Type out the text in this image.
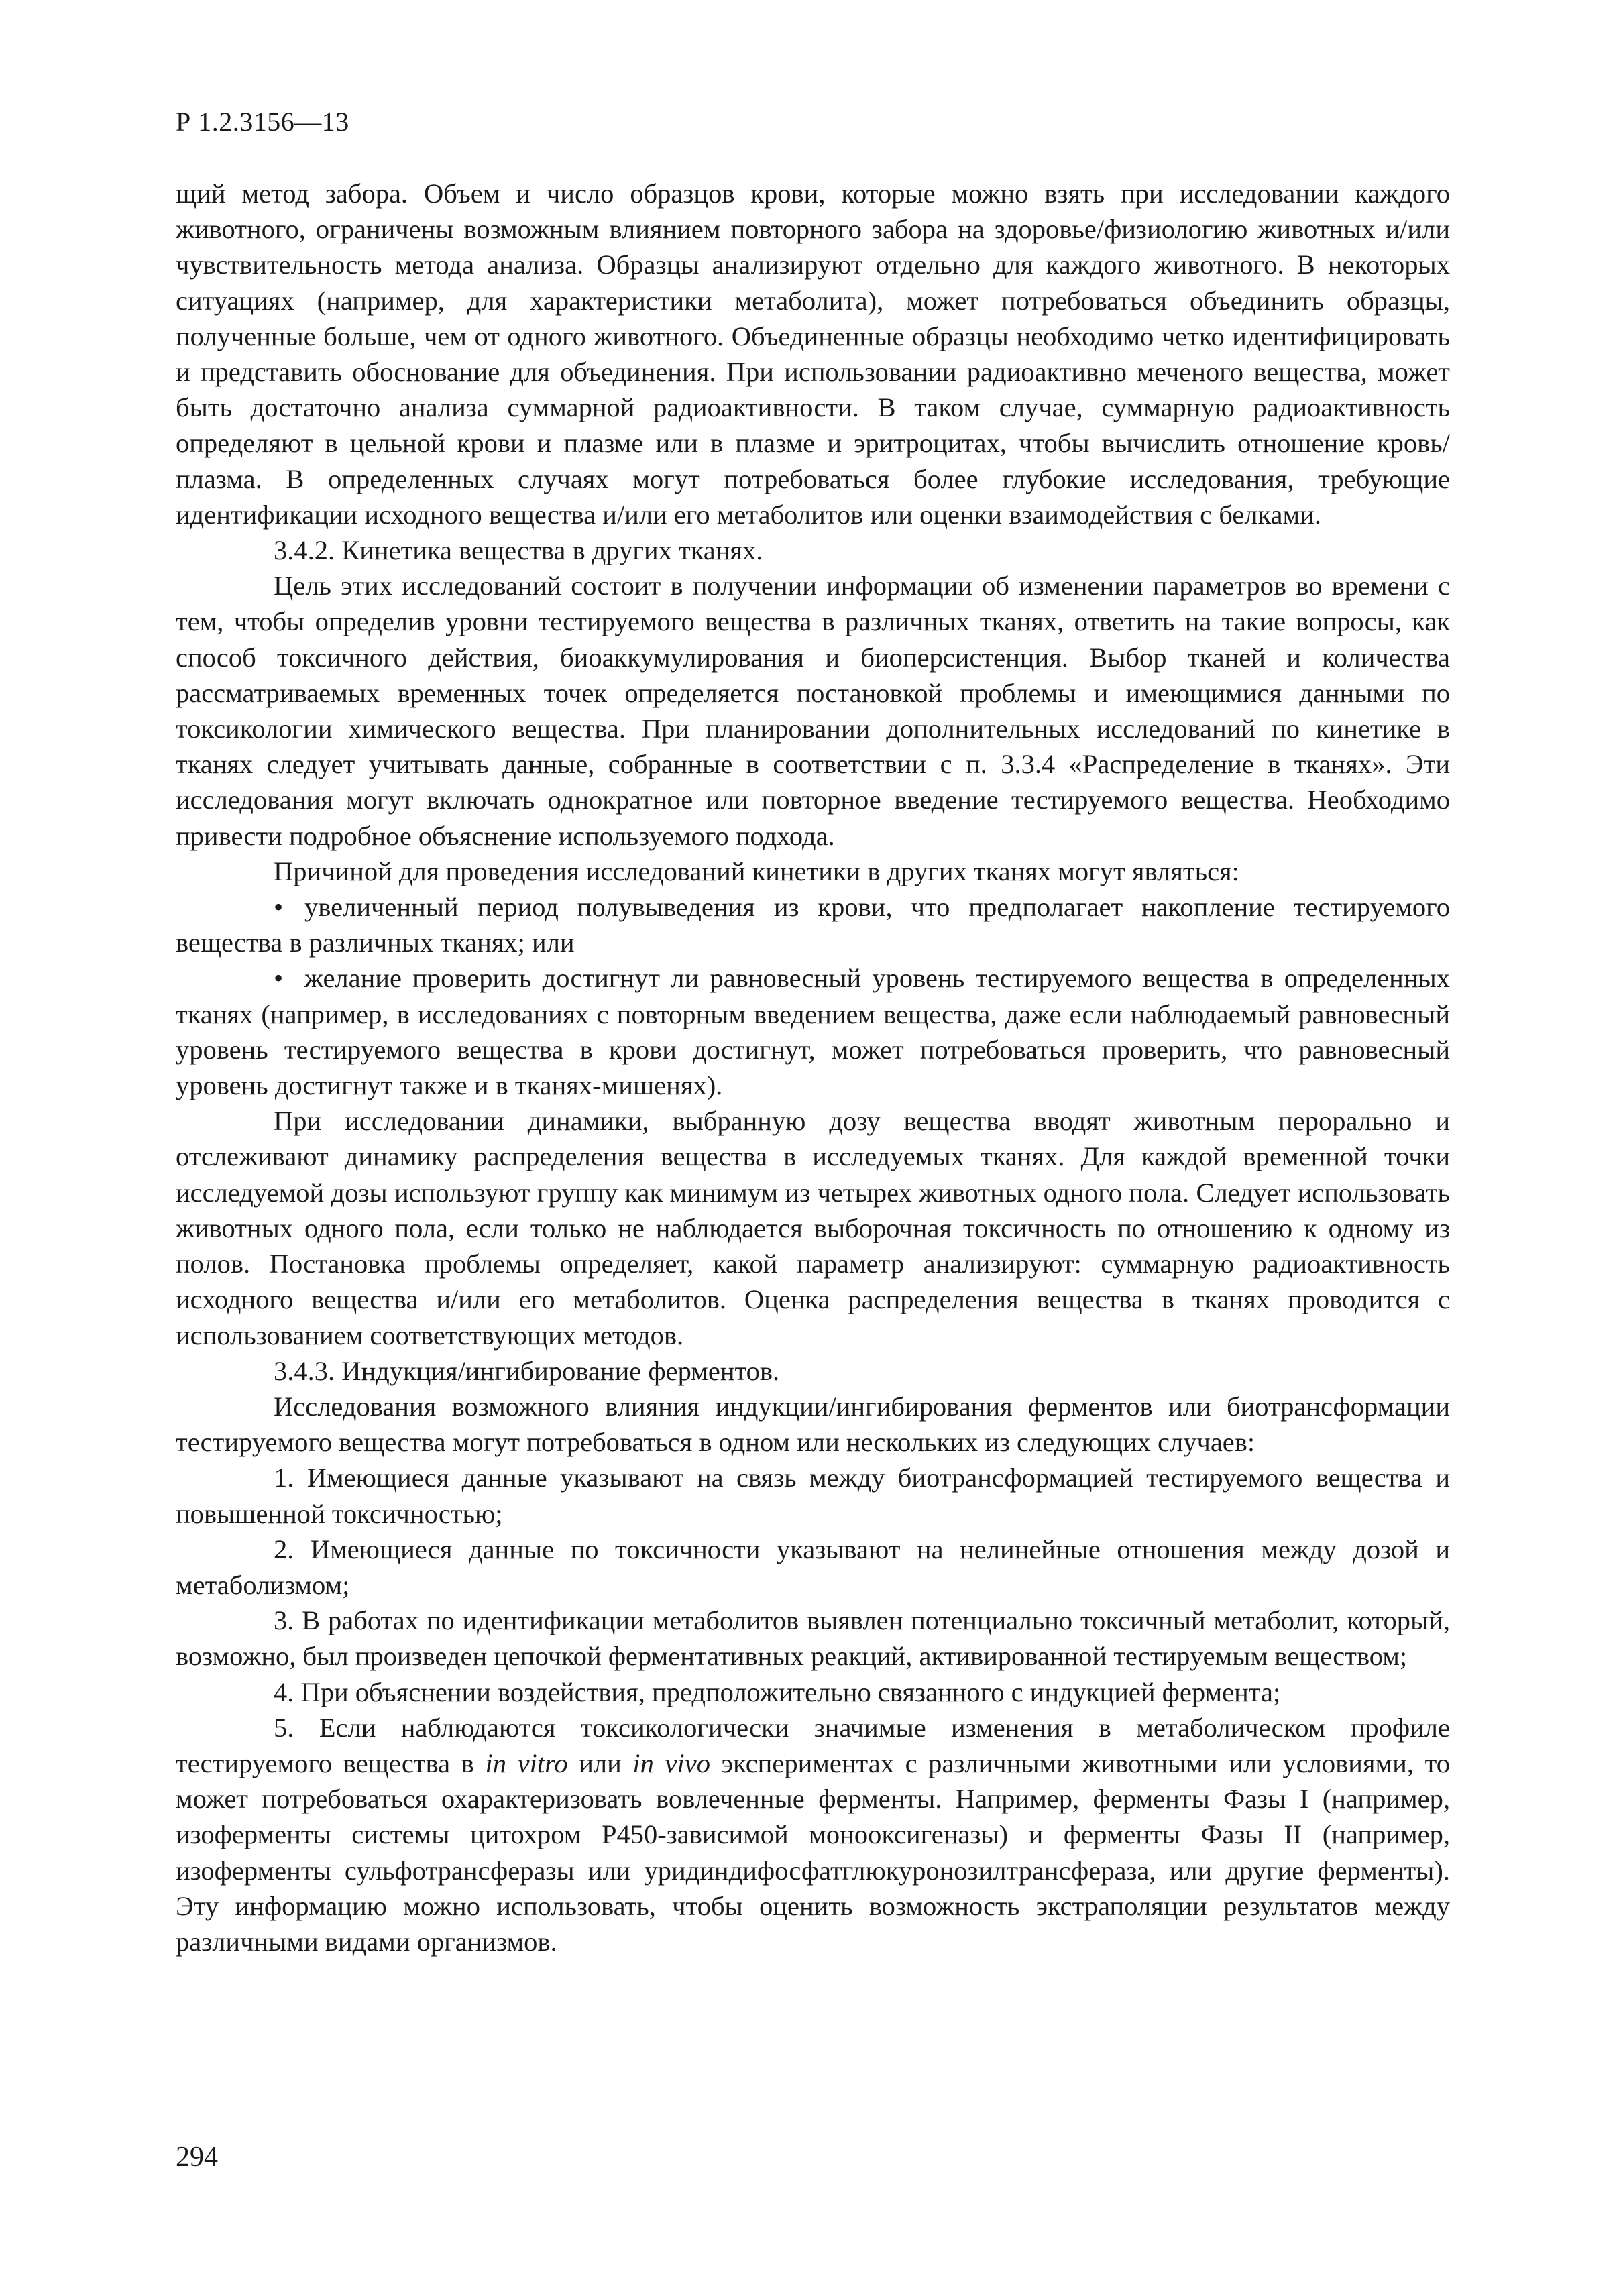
Р 1.2.3156—13

щий метод забора. Объем и число образцов крови, которые можно взять при исследовании каждого животного, ограничены возможным влиянием повторного забора на здоровье/физиологию животных и/или чувствительность метода анализа. Образцы анализируют отдельно для каждого животного. В некоторых ситуациях (например, для характеристики метаболита), может потребоваться объединить образцы, полученные больше, чем от одного животного. Объединенные образцы необходимо четко идентифицировать и представить обоснование для объединения. При использовании радиоактивно меченого вещества, может быть достаточно анализа суммарной радиоактивности. В таком случае, суммарную радиоактивность определяют в цельной крови и плазме или в плазме и эритроцитах, чтобы вычислить отношение кровь/плазма. В определенных случаях могут потребоваться более глубокие исследования, требующие идентификации исходного вещества и/или его метаболитов или оценки взаимодействия с белками.

3.4.2. Кинетика вещества в других тканях.

Цель этих исследований состоит в получении информации об изменении параметров во времени с тем, чтобы определив уровни тестируемого вещества в различных тканях, ответить на такие вопросы, как способ токсичного действия, биоаккумулирования и биоперсистенция. Выбор тканей и количества рассматриваемых временных точек определяется постановкой проблемы и имеющимися данными по токсикологии химического вещества. При планировании дополнительных исследований по кинетике в тканях следует учитывать данные, собранные в соответствии с п. 3.3.4 «Распределение в тканях». Эти исследования могут включать однократное или повторное введение тестируемого вещества. Необходимо привести подробное объяснение используемого подхода.

Причиной для проведения исследований кинетики в других тканях могут являться:

• увеличенный период полувыведения из крови, что предполагает накопление тестируемого вещества в различных тканях; или

• желание проверить достигнут ли равновесный уровень тестируемого вещества в определенных тканях (например, в исследованиях с повторным введением вещества, даже если наблюдаемый равновесный уровень тестируемого вещества в крови достигнут, может потребоваться проверить, что равновесный уровень достигнут также и в тканях-мишенях).

При исследовании динамики, выбранную дозу вещества вводят животным перорально и отслеживают динамику распределения вещества в исследуемых тканях. Для каждой временной точки исследуемой дозы используют группу как минимум из четырех животных одного пола. Следует использовать животных одного пола, если только не наблюдается выборочная токсичность по отношению к одному из полов. Постановка проблемы определяет, какой параметр анализируют: суммарную радиоактивность исходного вещества и/или его метаболитов. Оценка распределения вещества в тканях проводится с использованием соответствующих методов.

3.4.3. Индукция/ингибирование ферментов.

Исследования возможного влияния индукции/ингибирования ферментов или биотрансформации тестируемого вещества могут потребоваться в одном или нескольких из следующих случаев:

1. Имеющиеся данные указывают на связь между биотрансформацией тестируемого вещества и повышенной токсичностью;

2. Имеющиеся данные по токсичности указывают на нелинейные отношения между дозой и метаболизмом;

3. В работах по идентификации метаболитов выявлен потенциально токсичный метаболит, который, возможно, был произведен цепочкой ферментативных реакций, активированной тестируемым веществом;

4. При объяснении воздействия, предположительно связанного с индукцией фермента;

5. Если наблюдаются токсикологически значимые изменения в метаболическом профиле тестируемого вещества в in vitro или in vivo экспериментах с различными животными или условиями, то может потребоваться охарактеризовать вовлеченные ферменты. Например, ферменты Фазы I (например, изоферменты системы цитохром Р450-зависимой монооксигеназы) и ферменты Фазы II (например, изоферменты сульфотрансферазы или уридиндифосфатглюкуронозилтрансфераза, или другие ферменты). Эту информацию можно использовать, чтобы оценить возможность экстраполяции результатов между различными видами организмов.

294
